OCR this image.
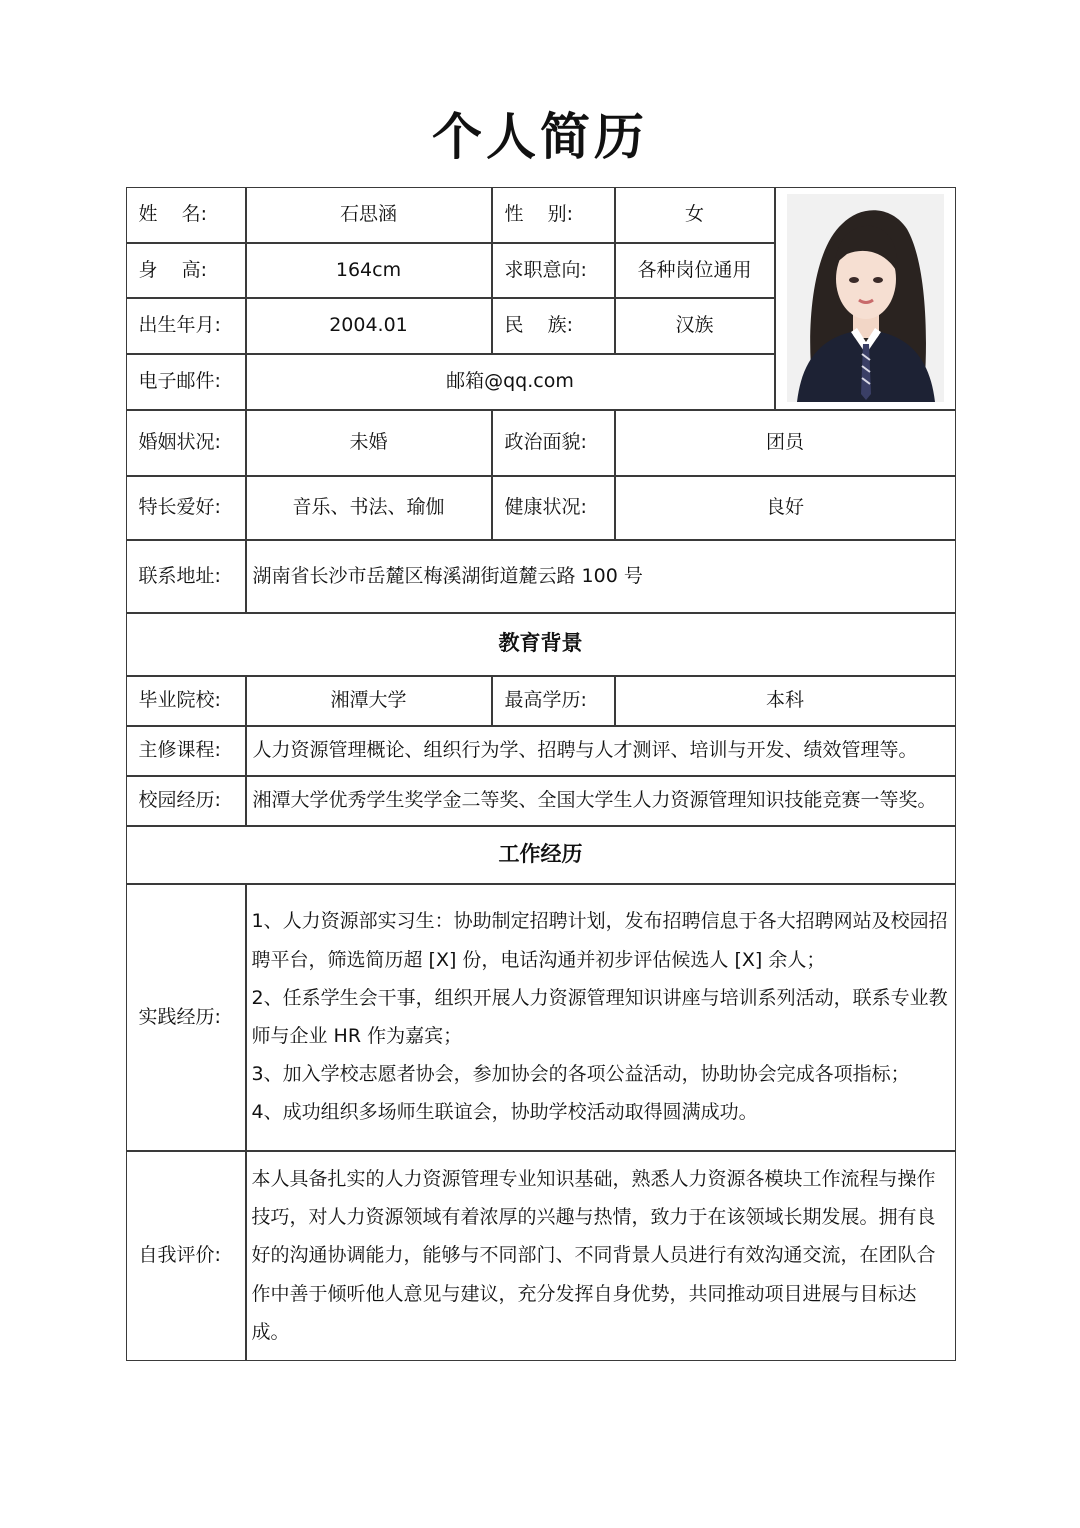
个人简历
姓    名:	石思涵	性    别:	女
身    高:	164cm	求职意向:	各种岗位通用
出生年月:	2004.01	民    族:	汉族
电子邮件:	邮箱@qq.com
婚姻状况:	未婚	政治面貌:	团员
特长爱好:	音乐、书法、瑜伽	健康状况:	良好
联系地址:	湖南省长沙市岳麓区梅溪湖街道麓云路 100 号
教育背景
毕业院校:	湘潭大学	最高学历:	本科
主修课程:	人力资源管理概论、组织行为学、招聘与人才测评、培训与开发、绩效管理等。
校园经历:	湘潭大学优秀学生奖学金二等奖、全国大学生人力资源管理知识技能竞赛一等奖。
工作经历
实践经历:
1、人力资源部实习生：协助制定招聘计划，发布招聘信息于各大招聘网站及校园招聘平台，筛选简历超 [X] 份，电话沟通并初步评估候选人 [X] 余人；
2、任系学生会干事，组织开展人力资源管理知识讲座与培训系列活动，联系专业教师与企业 HR 作为嘉宾；
3、加入学校志愿者协会，参加协会的各项公益活动，协助协会完成各项指标；
4、成功组织多场师生联谊会，协助学校活动取得圆满成功。
自我评价:
本人具备扎实的人力资源管理专业知识基础，熟悉人力资源各模块工作流程与操作技巧，对人力资源领域有着浓厚的兴趣与热情，致力于在该领域长期发展。拥有良好的沟通协调能力，能够与不同部门、不同背景人员进行有效沟通交流，在团队合作中善于倾听他人意见与建议，充分发挥自身优势，共同推动项目进展与目标达成。
